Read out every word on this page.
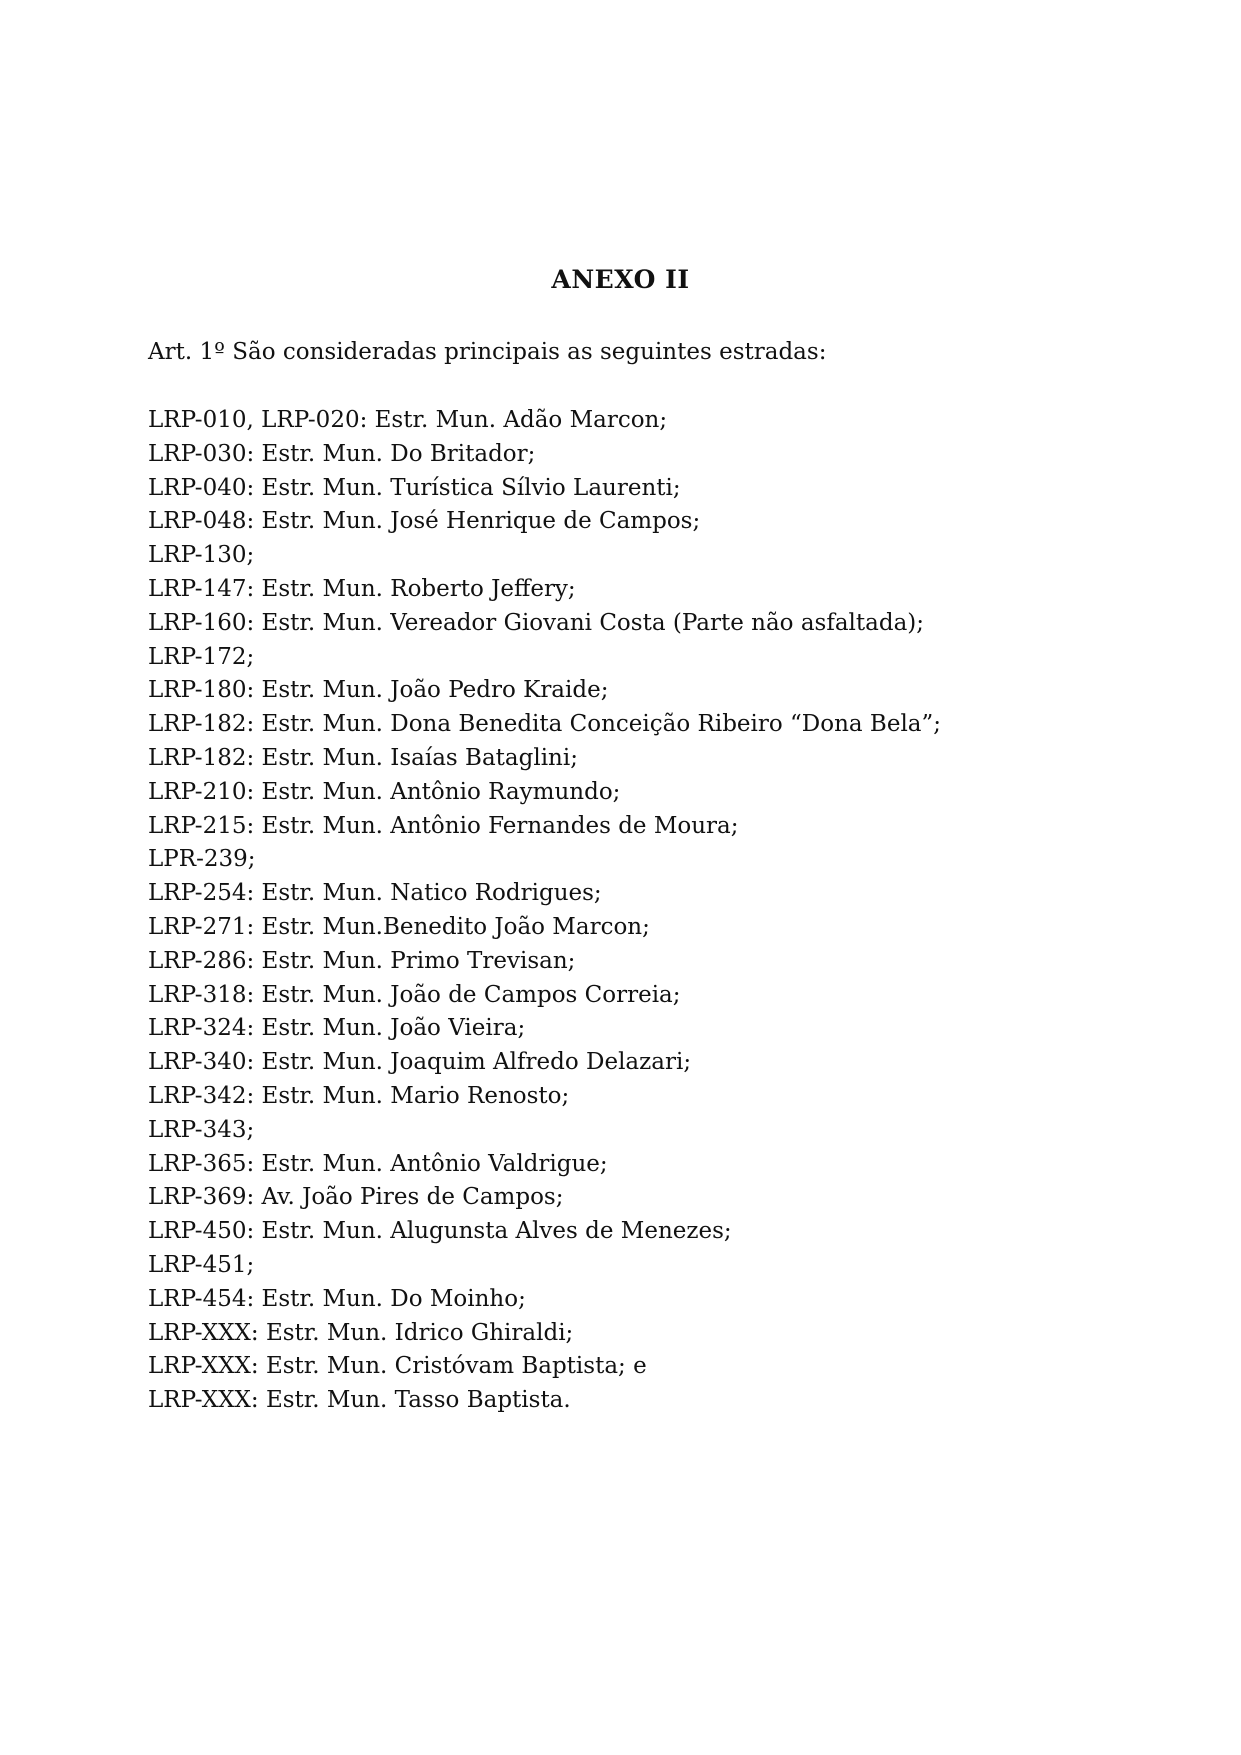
ANEXO II
Art. 1º São consideradas principais as seguintes estradas:
LRP-010, LRP-020: Estr. Mun. Adão Marcon;
LRP-030: Estr. Mun. Do Britador;
LRP-040: Estr. Mun. Turística Sílvio Laurenti;
LRP-048: Estr. Mun. José Henrique de Campos;
LRP-130;
LRP-147: Estr. Mun. Roberto Jeffery;
LRP-160: Estr. Mun. Vereador Giovani Costa (Parte não asfaltada);
LRP-172;
LRP-180: Estr. Mun. João Pedro Kraide;
LRP-182: Estr. Mun. Dona Benedita Conceição Ribeiro “Dona Bela”;
LRP-182: Estr. Mun. Isaías Bataglini;
LRP-210: Estr. Mun. Antônio Raymundo;
LRP-215: Estr. Mun. Antônio Fernandes de Moura;
LPR-239;
LRP-254: Estr. Mun. Natico Rodrigues;
LRP-271: Estr. Mun.Benedito João Marcon;
LRP-286: Estr. Mun. Primo Trevisan;
LRP-318: Estr. Mun. João de Campos Correia;
LRP-324: Estr. Mun. João Vieira;
LRP-340: Estr. Mun. Joaquim Alfredo Delazari;
LRP-342: Estr. Mun. Mario Renosto;
LRP-343;
LRP-365: Estr. Mun. Antônio Valdrigue;
LRP-369: Av. João Pires de Campos;
LRP-450: Estr. Mun. Alugunsta Alves de Menezes;
LRP-451;
LRP-454: Estr. Mun. Do Moinho;
LRP-XXX: Estr. Mun. Idrico Ghiraldi;
LRP-XXX: Estr. Mun. Cristóvam Baptista; e
LRP-XXX: Estr. Mun. Tasso Baptista.
